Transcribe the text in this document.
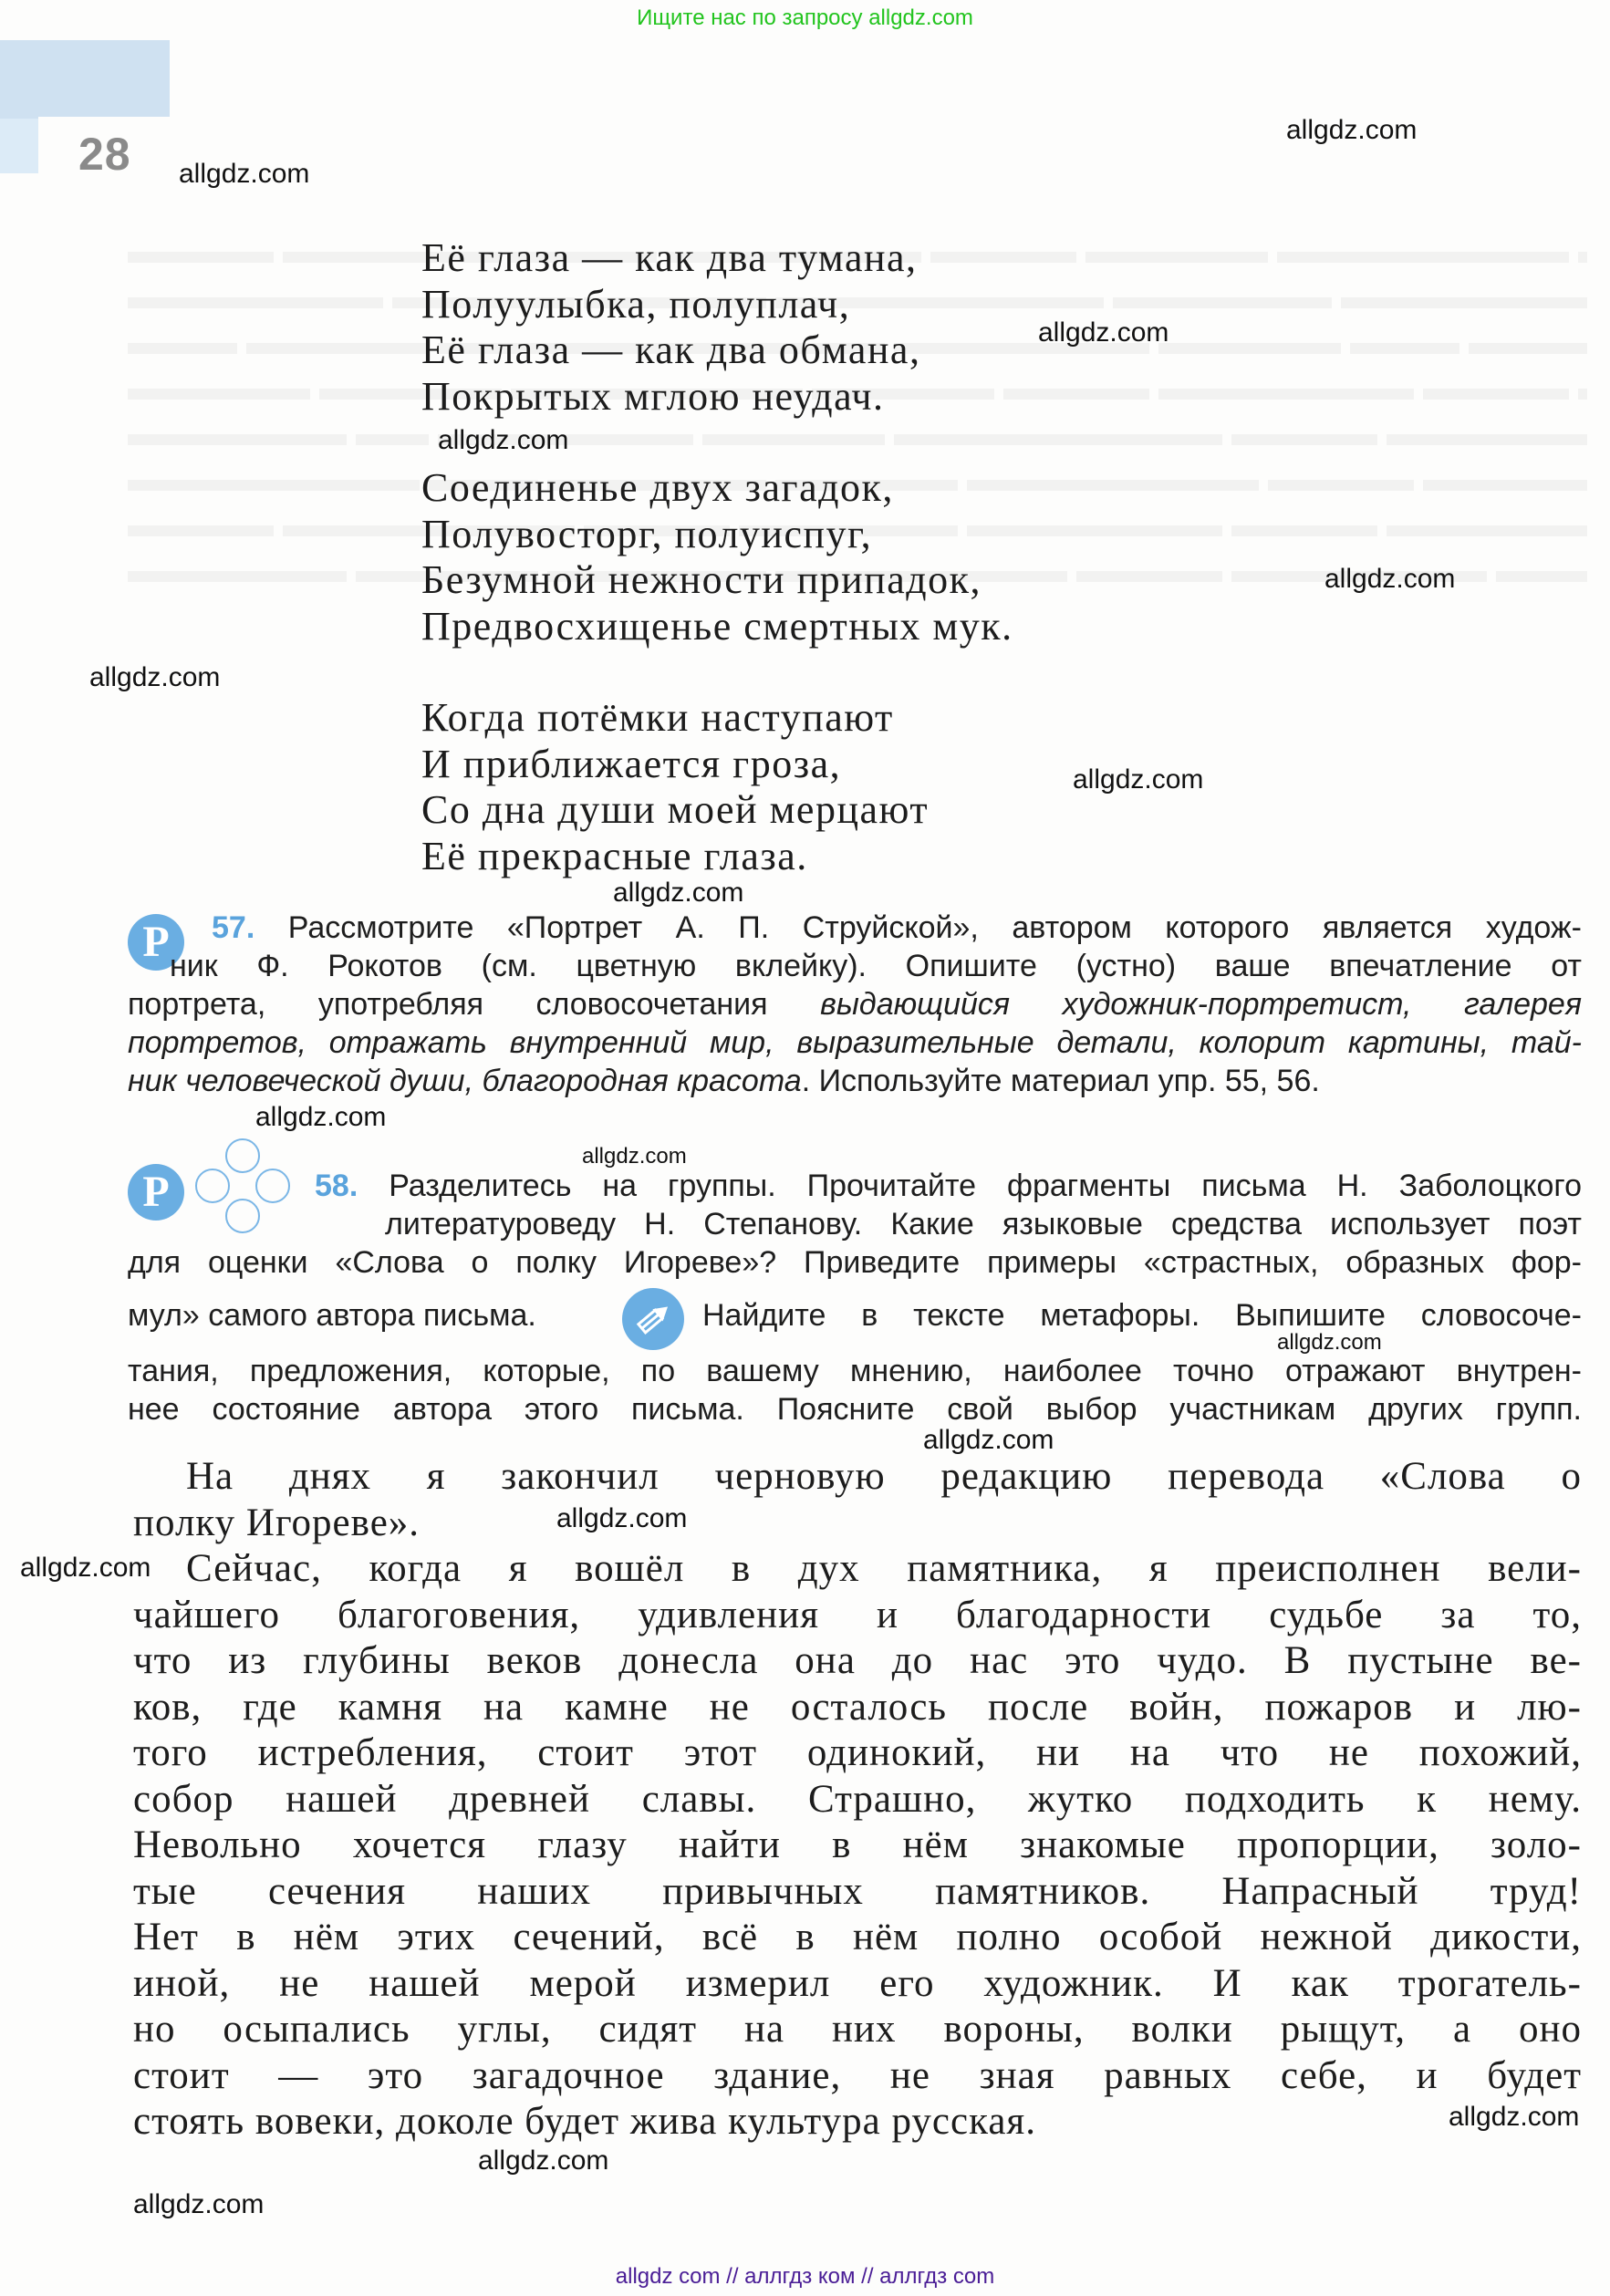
Ищите нас по запросу allgdz.com
28

Её глаза — как два тумана,
Полуулыбка, полуплач,
Её глаза — как два обмана,
Покрытых мглою неудач.
Соединенье двух загадок,
Полувосторг, полуиспуг,
Безумной нежности припадок,
Предвосхищенье смертных мук.
Когда потёмки наступают
И приближается гроза,
Со дна души моей мерцают
Её прекрасные глаза.
Р	57. Рассмотрите «Портрет А. П. Струйской», автором которого является худож-
ник Ф. Рокотов (см. цветную вклейку). Опишите (устно) ваше впечатление от
портрета, употребляя словосочетания выдающийся художник-портретист, галерея
портретов, отражать внутренний мир, выразительные детали, колорит картины, тай-
ник человеческой души, благородная красота. Используйте материал упр. 55, 56.
Р	58. Разделитесь на группы. Прочитайте фрагменты письма Н. Заболоцкого
литературоведу Н. Степанову. Какие языковые средства использует поэт
для оценки «Слова о полку Игореве»? Приведите примеры «страстных, образных фор-
мул» самого автора письма.	Найдите в тексте метафоры. Выпишите словосоче-
тания, предложения, которые, по вашему мнению, наиболее точно отражают внутрен-
нее состояние автора этого письма. Поясните свой выбор участникам других групп.
На днях я закончил черновую редакцию перевода «Слова о
полку Игореве».
Сейчас, когда я вошёл в дух памятника, я преисполнен вели-
чайшего благоговения, удивления и благодарности судьбе за то,
что из глубины веков донесла она до нас это чудо. В пустыне ве-
ков, где камня на камне не осталось после войн, пожаров и лю-
того истребления, стоит этот одинокий, ни на что не похожий,
собор нашей древней славы. Страшно, жутко подходить к нему.
Невольно хочется глазу найти в нём знакомые пропорции, золо-
тые сечения наших привычных памятников. Напрасный труд!
Нет в нём этих сечений, всё в нём полно особой нежной дикости,
иной, не нашей мерой измерил его художник. И как трогатель-
но осыпались углы, сидят на них вороны, волки рыщут, а оно
стоит — это загадочное здание, не зная равных себе, и будет
стоять вовеки, доколе будет жива культура русская.
allgdz.com
allgdz.com
allgdz.com
allgdz.com
allgdz.com
allgdz.com
allgdz.com
allgdz.com
allgdz.com
allgdz.com
allgdz.com
allgdz.com
allgdz.com
allgdz.com
allgdz.com
allgdz.com
allgdz.com
allgdz com // аллгдз ком // аллгдз com
